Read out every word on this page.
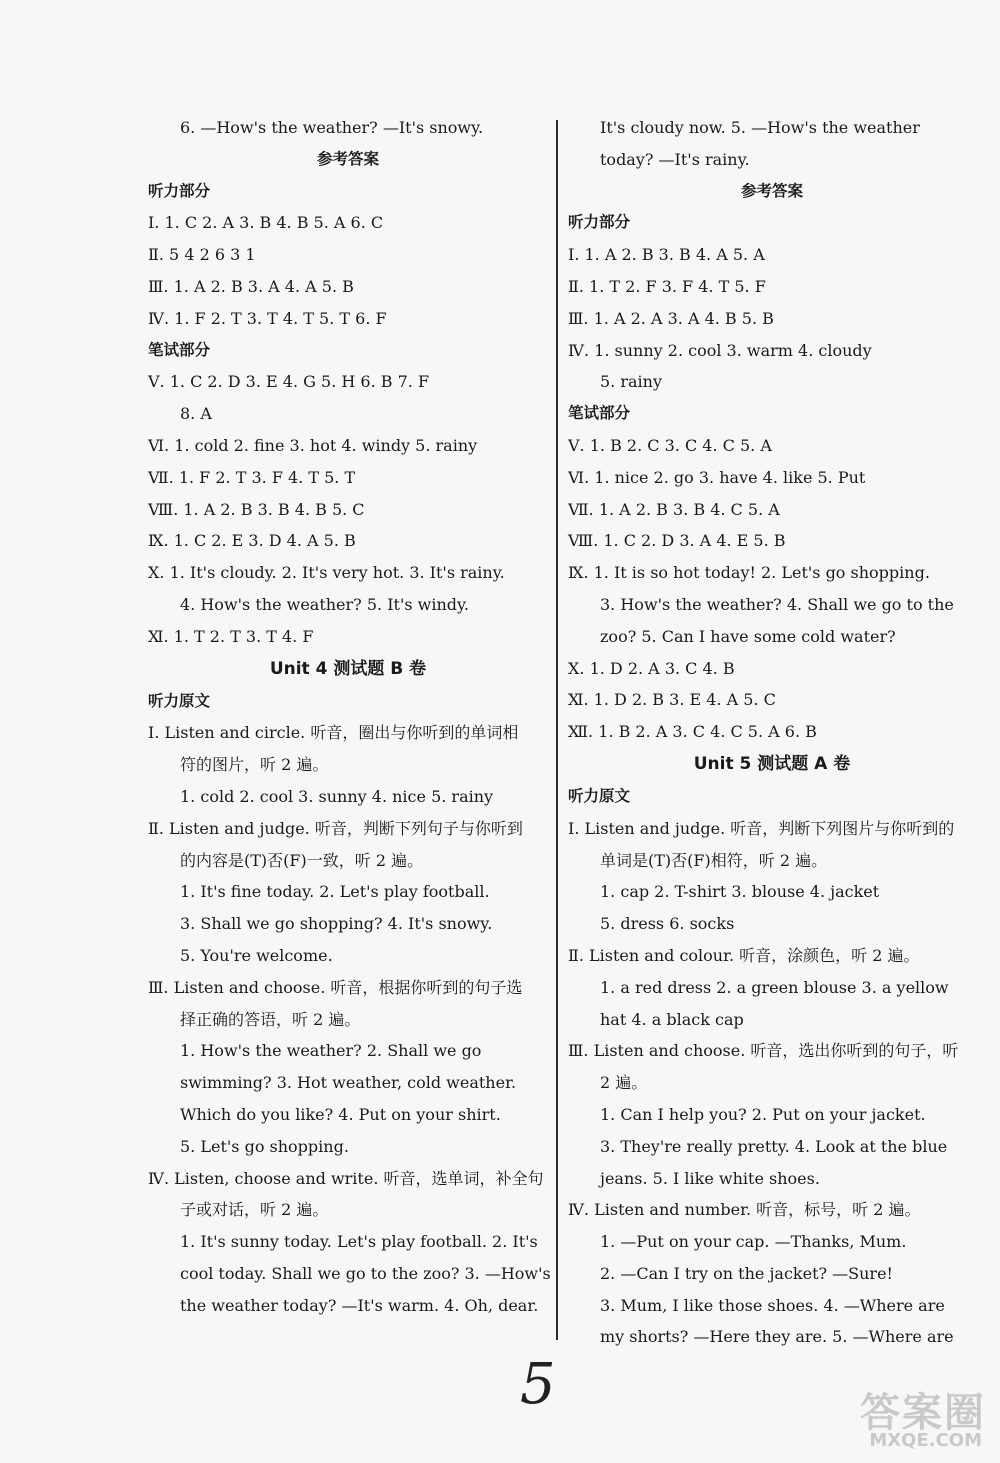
6. —How's the weather? —It's snowy.
参考答案
听力部分
Ⅰ. 1. C 2. A 3. B 4. B 5. A 6. C
Ⅱ. 5 4 2 6 3 1
Ⅲ. 1. A 2. B 3. A 4. A 5. B
Ⅳ. 1. F 2. T 3. T 4. T 5. T 6. F
笔试部分
Ⅴ. 1. C 2. D 3. E 4. G 5. H 6. B 7. F
8. A
Ⅵ. 1. cold 2. fine 3. hot 4. windy 5. rainy
Ⅶ. 1. F 2. T 3. F 4. T 5. T
Ⅷ. 1. A 2. B 3. B 4. B 5. C
Ⅸ. 1. C 2. E 3. D 4. A 5. B
Ⅹ. 1. It's cloudy. 2. It's very hot. 3. It's rainy.
4. How's the weather? 5. It's windy.
Ⅺ. 1. T 2. T 3. T 4. F
Unit 4 测试题 B 卷
听力原文
Ⅰ. Listen and circle. 听音，圈出与你听到的单词相
符的图片，听 2 遍。
1. cold 2. cool 3. sunny 4. nice 5. rainy
Ⅱ. Listen and judge. 听音，判断下列句子与你听到
的内容是(T)否(F)一致，听 2 遍。
1. It's fine today. 2. Let's play football.
3. Shall we go shopping? 4. It's snowy.
5. You're welcome.
Ⅲ. Listen and choose. 听音，根据你听到的句子选
择正确的答语，听 2 遍。
1. How's the weather? 2. Shall we go
swimming? 3. Hot weather, cold weather.
Which do you like? 4. Put on your shirt.
5. Let's go shopping.
Ⅳ. Listen, choose and write. 听音，选单词，补全句
子或对话，听 2 遍。
1. It's sunny today. Let's play football. 2. It's
cool today. Shall we go to the zoo? 3. —How's
the weather today? —It's warm. 4. Oh, dear.
It's cloudy now. 5. —How's the weather
today? —It's rainy.
参考答案
听力部分
Ⅰ. 1. A 2. B 3. B 4. A 5. A
Ⅱ. 1. T 2. F 3. F 4. T 5. F
Ⅲ. 1. A 2. A 3. A 4. B 5. B
Ⅳ. 1. sunny 2. cool 3. warm 4. cloudy
5. rainy
笔试部分
Ⅴ. 1. B 2. C 3. C 4. C 5. A
Ⅵ. 1. nice 2. go 3. have 4. like 5. Put
Ⅶ. 1. A 2. B 3. B 4. C 5. A
Ⅷ. 1. C 2. D 3. A 4. E 5. B
Ⅸ. 1. It is so hot today! 2. Let's go shopping.
3. How's the weather? 4. Shall we go to the
zoo? 5. Can I have some cold water?
Ⅹ. 1. D 2. A 3. C 4. B
Ⅺ. 1. D 2. B 3. E 4. A 5. C
Ⅻ. 1. B 2. A 3. C 4. C 5. A 6. B
Unit 5 测试题 A 卷
听力原文
Ⅰ. Listen and judge. 听音，判断下列图片与你听到的
单词是(T)否(F)相符，听 2 遍。
1. cap 2. T-shirt 3. blouse 4. jacket
5. dress 6. socks
Ⅱ. Listen and colour. 听音，涂颜色，听 2 遍。
1. a red dress 2. a green blouse 3. a yellow
hat 4. a black cap
Ⅲ. Listen and choose. 听音，选出你听到的句子，听
2 遍。
1. Can I help you? 2. Put on your jacket.
3. They're really pretty. 4. Look at the blue
jeans. 5. I like white shoes.
Ⅳ. Listen and number. 听音，标号，听 2 遍。
1. —Put on your cap. —Thanks, Mum.
2. —Can I try on the jacket? —Sure!
3. Mum, I like those shoes. 4. —Where are
my shorts? —Here they are. 5. —Where are
5	答案圈
MXQE.COM
